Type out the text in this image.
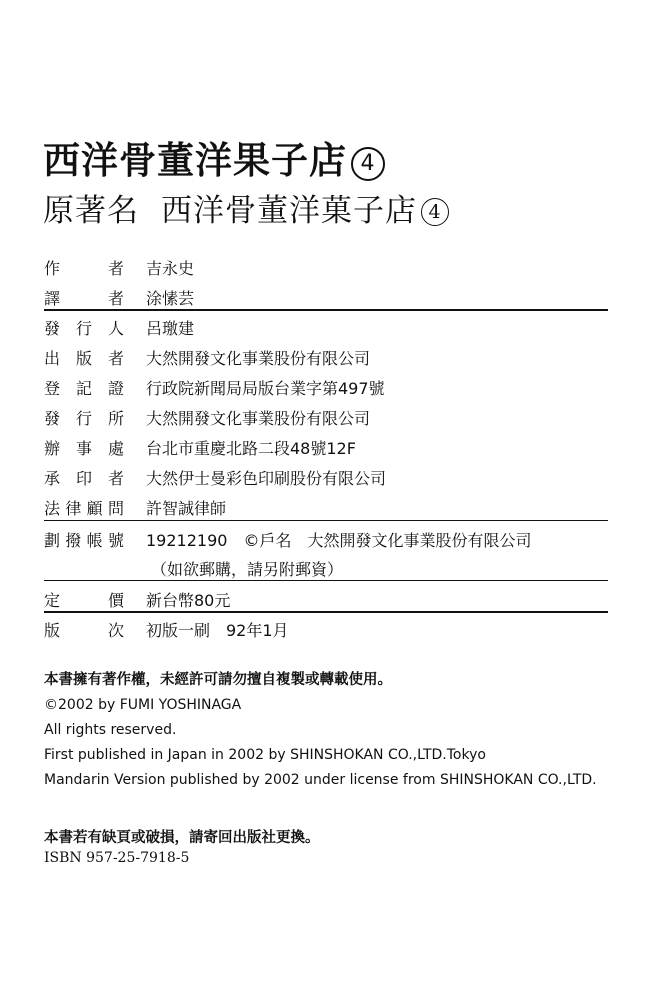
西洋骨董洋果子店 4
原著名 西洋骨董洋菓子店 4
作　　者 吉永史
譯　　者 涂愫芸
發 行 人 呂璬建
出 版 者 大然開發文化事業股份有限公司
登 記 證 行政院新聞局局版台業字第497號
發 行 所 大然開發文化事業股份有限公司
辦 事 處 台北市重慶北路二段48號12F
承 印 者 大然伊士曼彩色印刷股份有限公司
法律顧問 許智誠律師
劃撥帳號 19212190　©戶名　大然開發文化事業股份有限公司
（如欲郵購，請另附郵資）
定　　價 新台幣80元
版　　次 初版一刷　92年1月
本書擁有著作權，未經許可請勿擅自複製或轉載使用。
©2002 by FUMI YOSHINAGA
All rights reserved.
First published in Japan in 2002 by SHINSHOKAN CO.,LTD.Tokyo
Mandarin Version published by 2002 under license from SHINSHOKAN CO.,LTD.
本書若有缺頁或破損，請寄回出版社更換。
ISBN 957-25-7918-5
